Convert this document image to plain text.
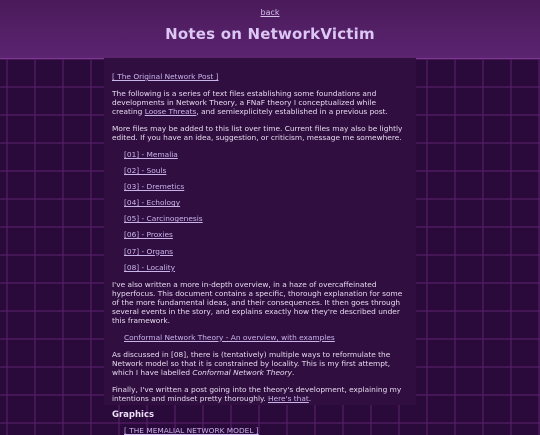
back
Notes on NetworkVictim

[ The Original Network Post ]

The following is a series of text files establishing some foundations and developments in Network Theory, a FNaF theory I conceptualized while creating Loose Threats, and semiexplicitely established in a previous post.

More files may be added to this list over time. Current files may also be lightly edited. If you have an idea, suggestion, or criticism, message me somewhere.

[01] - Memalia
[02] - Souls
[03] - Dremetics
[04] - Echology
[05] - Carcinogenesis
[06] - Proxies
[07] - Organs
[08] - Locality

I've also written a more in-depth overview, in a haze of overcaffeinated hyperfocus. This document contains a specific, thorough explanation for some of the more fundamental ideas, and their consequences. It then goes through several events in the story, and explains exactly how they're described under this framework.

Conformal Network Theory - An overview, with examples

As discussed in [08], there is (tentatively) multiple ways to reformulate the Network model so that it is constrained by locality. This is my first attempt, which I have labelled Conformal Network Theory.

Finally, I've written a post going into the theory's development, explaining my intentions and mindset pretty thoroughly. Here's that.

Graphics
[ THE MEMALIAL NETWORK MODEL ]
